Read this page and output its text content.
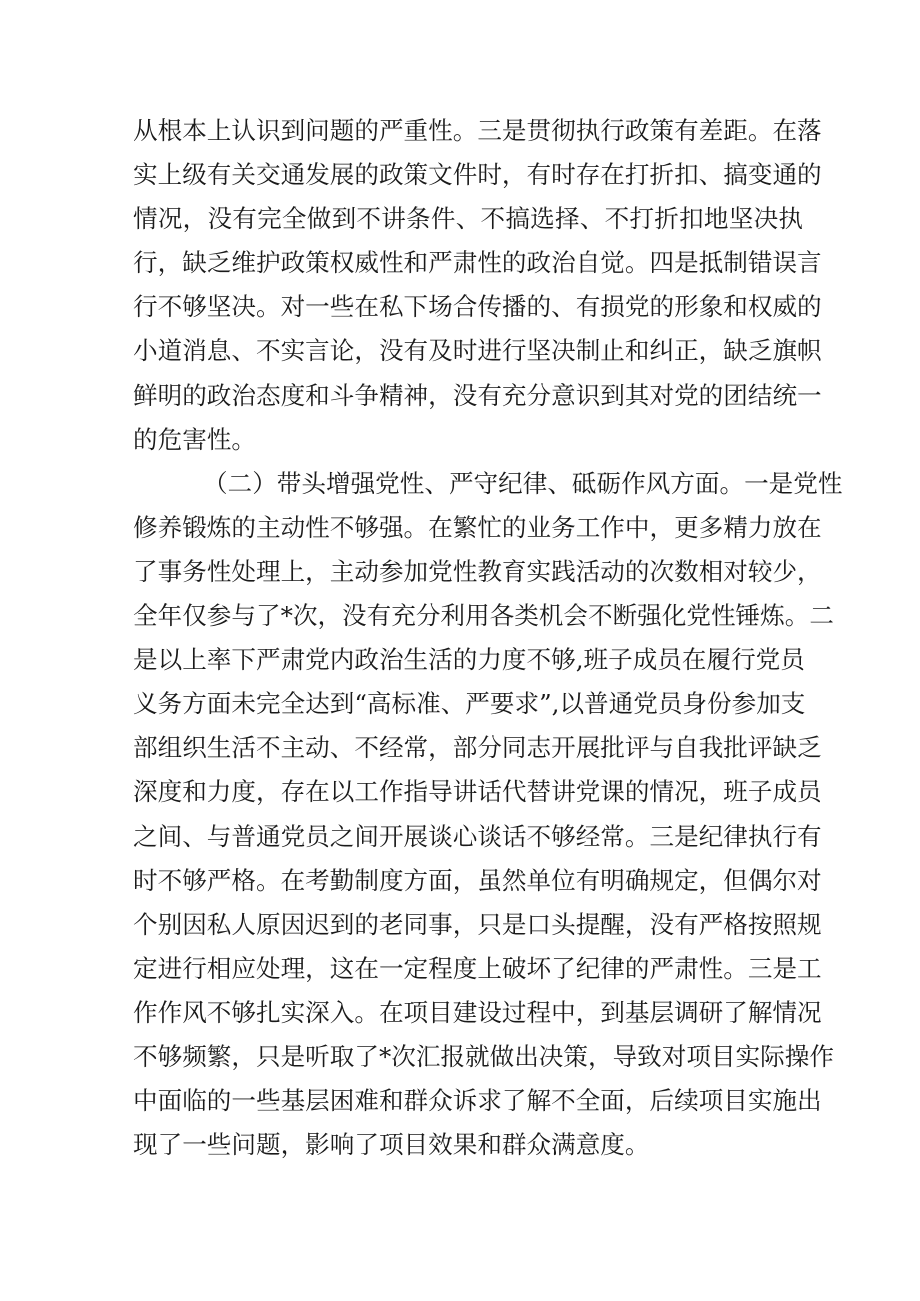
从根本上认识到问题的严重性。三是贯彻执行政策有差距。在落
实上级有关交通发展的政策文件时，有时存在打折扣、搞变通的
情况，没有完全做到不讲条件、不搞选择、不打折扣地坚决执
行，缺乏维护政策权威性和严肃性的政治自觉。四是抵制错误言
行不够坚决。对一些在私下场合传播的、有损党的形象和权威的
小道消息、不实言论，没有及时进行坚决制止和纠正，缺乏旗帜
鲜明的政治态度和斗争精神，没有充分意识到其对党的团结统一
的危害性。
（二）带头增强党性、严守纪律、砥砺作风方面。一是党性
修养锻炼的主动性不够强。在繁忙的业务工作中，更多精力放在
了事务性处理上，主动参加党性教育实践活动的次数相对较少，
全年仅参与了*次，没有充分利用各类机会不断强化党性锤炼。二
是以上率下严肃党内政治生活的力度不够,班子成员在履行党员
义务方面未完全达到“高标准、严要求”,以普通党员身份参加支
部组织生活不主动、不经常，部分同志开展批评与自我批评缺乏
深度和力度，存在以工作指导讲话代替讲党课的情况，班子成员
之间、与普通党员之间开展谈心谈话不够经常。三是纪律执行有
时不够严格。在考勤制度方面，虽然单位有明确规定，但偶尔对
个别因私人原因迟到的老同事，只是口头提醒，没有严格按照规
定进行相应处理，这在一定程度上破坏了纪律的严肃性。三是工
作作风不够扎实深入。在项目建设过程中，到基层调研了解情况
不够频繁，只是听取了*次汇报就做出决策，导致对项目实际操作
中面临的一些基层困难和群众诉求了解不全面，后续项目实施出
现了一些问题，影响了项目效果和群众满意度。
